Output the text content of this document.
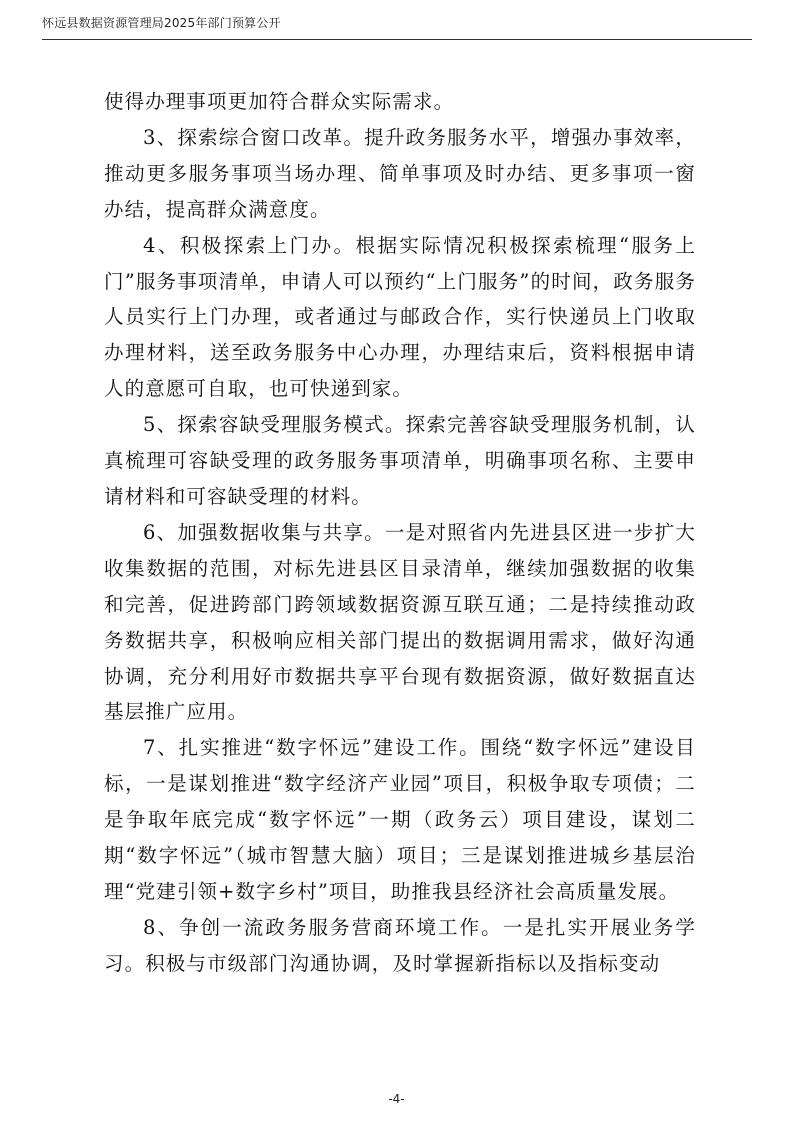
怀远县数据资源管理局2025年部门预算公开

使得办理事项更加符合群众实际需求。

3、探索综合窗口改革。提升政务服务水平，增强办事效率，推动更多服务事项当场办理、简单事项及时办结、更多事项一窗办结，提高群众满意度。

4、积极探索上门办。根据实际情况积极探索梳理“服务上门”服务事项清单，申请人可以预约“上门服务”的时间，政务服务人员实行上门办理，或者通过与邮政合作，实行快递员上门收取办理材料，送至政务服务中心办理，办理结束后，资料根据申请人的意愿可自取，也可快递到家。

5、探索容缺受理服务模式。探索完善容缺受理服务机制，认真梳理可容缺受理的政务服务事项清单，明确事项名称、主要申请材料和可容缺受理的材料。

6、加强数据收集与共享。一是对照省内先进县区进一步扩大收集数据的范围，对标先进县区目录清单，继续加强数据的收集和完善，促进跨部门跨领域数据资源互联互通；二是持续推动政务数据共享，积极响应相关部门提出的数据调用需求，做好沟通协调，充分利用好市数据共享平台现有数据资源，做好数据直达基层推广应用。

7、扎实推进“数字怀远”建设工作。围绕“数字怀远”建设目标，一是谋划推进“数字经济产业园”项目，积极争取专项债；二是争取年底完成“数字怀远”一期（政务云）项目建设，谋划二期“数字怀远”（城市智慧大脑）项目；三是谋划推进城乡基层治理“党建引领+数字乡村”项目，助推我县经济社会高质量发展。

8、争创一流政务服务营商环境工作。一是扎实开展业务学习。积极与市级部门沟通协调，及时掌握新指标以及指标变动

-4-
